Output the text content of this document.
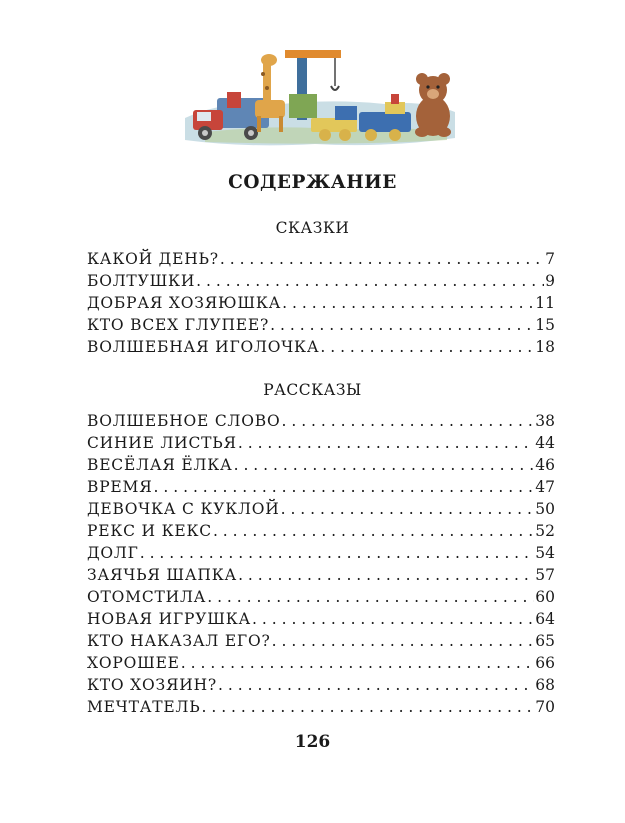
СОДЕРЖАНИЕ
СКАЗКИ
КАКОЙ ДЕНЬ? . . .	7
БОЛТУШКИ . . .	9
ДОБРАЯ ХОЗЯЮШКА . . .	11
КТО ВСЕХ ГЛУПЕЕ? . . .	15
ВОЛШЕБНАЯ ИГОЛОЧКА . . .	18
РАССКАЗЫ
ВОЛШЕБНОЕ СЛОВО . . .	38
СИНИЕ ЛИСТЬЯ . . .	44
ВЕСЁЛАЯ ЁЛКА . . .	46
ВРЕМЯ . . .	47
ДЕВОЧКА С КУКЛОЙ . . .	50
РЕКС И КЕКС . . .	52
ДОЛГ . . .	54
ЗАЯЧЬЯ ШАПКА . . .	57
ОТОМСТИЛА . . .	60
НОВАЯ ИГРУШКА . . .	64
КТО НАКАЗАЛ ЕГО? . . .	65
ХОРОШЕЕ . . .	66
КТО ХОЗЯИН? . . .	68
МЕЧТАТЕЛЬ . . .	70
126
